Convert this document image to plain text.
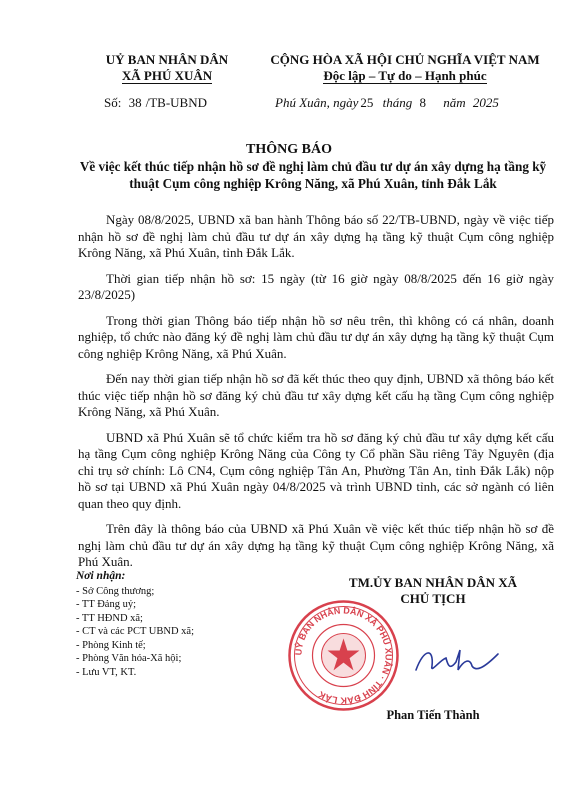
UỶ BAN NHÂN DÂN
XÃ PHÚ XUÂN
CỘNG HÒA XÃ HỘI CHỦ NGHĨA VIỆT NAM
Độc lập – Tự do – Hạnh phúc
Số: 38 /TB-UBND	Phú Xuân, ngày 25 tháng 8 năm 2025
THÔNG BÁO
Về việc kết thúc tiếp nhận hồ sơ đề nghị làm chủ đầu tư dự án xây dựng hạ tầng kỹ thuật Cụm công nghiệp Krông Năng, xã Phú Xuân, tỉnh Đắk Lắk

Ngày 08/8/2025, UBND xã ban hành Thông báo số 22/TB-UBND, ngày về việc tiếp nhận hồ sơ đề nghị làm chủ đầu tư dự án xây dựng hạ tầng kỹ thuật Cụm công nghiệp Krông Năng, xã Phú Xuân, tỉnh Đắk Lắk.

Thời gian tiếp nhận hồ sơ: 15 ngày (từ 16 giờ ngày 08/8/2025 đến 16 giờ ngày 23/8/2025)

Trong thời gian Thông báo tiếp nhận hồ sơ nêu trên, thì không có cá nhân, doanh nghiệp, tổ chức nào đăng ký đề nghị làm chủ đầu tư dự án xây dựng hạ tầng kỹ thuật Cụm công nghiệp Krông Năng, xã Phú Xuân.

Đến nay thời gian tiếp nhận hồ sơ đã kết thúc theo quy định, UBND xã thông báo kết thúc việc tiếp nhận hồ sơ đăng ký chủ đầu tư xây dựng kết cấu hạ tầng Cụm công nghiệp Krông Năng, xã Phú Xuân.

UBND xã Phú Xuân sẽ tổ chức kiểm tra hồ sơ đăng ký chủ đầu tư xây dựng kết cấu hạ tầng Cụm công nghiệp Krông Năng của Công ty Cổ phần Sầu riêng Tây Nguyên (địa chỉ trụ sở chính: Lô CN4, Cụm công nghiệp Tân An, Phường Tân An, tỉnh Đắk Lắk) nộp hồ sơ tại UBND xã Phú Xuân ngày 04/8/2025 và trình UBND tỉnh, các sở ngành có liên quan theo quy định.

Trên đây là thông báo của UBND xã Phú Xuân về việc kết thúc tiếp nhận hồ sơ đề nghị làm chủ đầu tư dự án xây dựng hạ tầng kỹ thuật Cụm công nghiệp Krông Năng, xã Phú Xuân.

Nơi nhận:
- Sở Công thương;
- TT Đảng uỷ;
- TT HĐND xã;
- CT và các PCT UBND xã;
- Phòng Kinh tế;
- Phòng Văn hóa-Xã hội;
- Lưu VT, KT.
TM.ỦY BAN NHÂN DÂN XÃ
CHỦ TỊCH
UỶ BAN NHÂN DÂN XÃ PHÚ XUÂN · TỈNH ĐẮK LẮK
Phan Tiến Thành
